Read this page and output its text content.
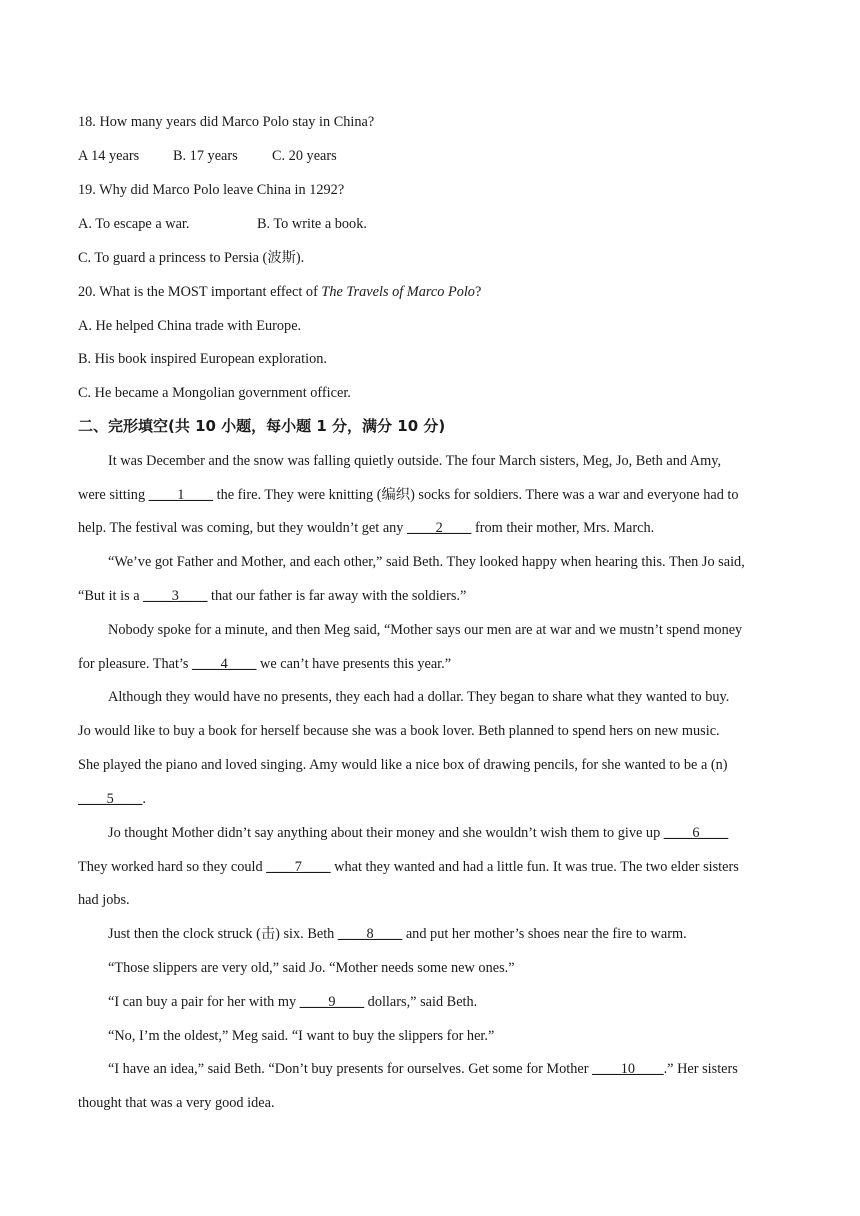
18. How many years did Marco Polo stay in China?
A 14 years B. 17 years C. 20 years
19. Why did Marco Polo leave China in 1292?
A. To escape a war.	B. To write a book.
C. To guard a princess to Persia (波斯).
20. What is the MOST important effect of The Travels of Marco Polo?
A. He helped China trade with Europe.
B. His book inspired European exploration.
C. He became a Mongolian government officer.
二、完形填空(共 10 小题，每小题 1 分，满分 10 分)
It was December and the snow was falling quietly outside. The four March sisters, Meg, Jo, Beth and Amy,
were sitting ____1____ the fire. They were knitting (编织) socks for soldiers. There was a war and everyone had to
help. The festival was coming, but they wouldn’t get any ____2____ from their mother, Mrs. March.
“We’ve got Father and Mother, and each other,” said Beth. They looked happy when hearing this. Then Jo said,
“But it is a ____3____ that our father is far away with the soldiers.”
Nobody spoke for a minute, and then Meg said, “Mother says our men are at war and we mustn’t spend money
for pleasure. That’s ____4____ we can’t have presents this year.”
Although they would have no presents, they each had a dollar. They began to share what they wanted to buy.
Jo would like to buy a book for herself because she was a book lover. Beth planned to spend hers on new music.
She played the piano and loved singing. Amy would like a nice box of drawing pencils, for she wanted to be a (n)
____5____.
Jo thought Mother didn’t say anything about their money and she wouldn’t wish them to give up ____6____
They worked hard so they could ____7____ what they wanted and had a little fun. It was true. The two elder sisters
had jobs.
Just then the clock struck (击) six. Beth ____8____ and put her mother’s shoes near the fire to warm.
“Those slippers are very old,” said Jo. “Mother needs some new ones.”
“I can buy a pair for her with my ____9____ dollars,” said Beth.
“No, I’m the oldest,” Meg said. “I want to buy the slippers for her.”
“I have an idea,” said Beth. “Don’t buy presents for ourselves. Get some for Mother ____10____.” Her sisters
thought that was a very good idea.
